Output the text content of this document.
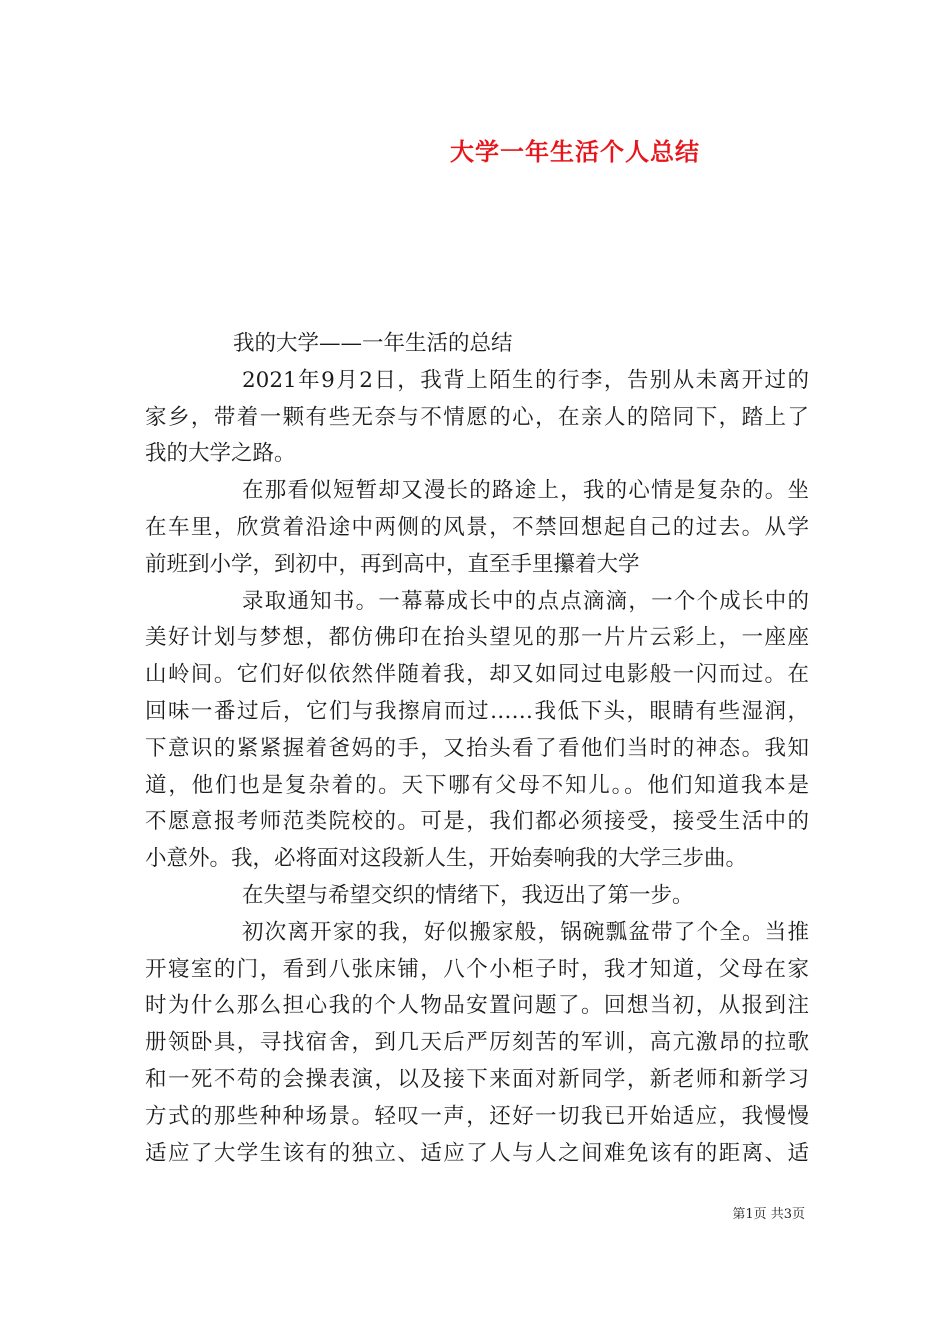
大学一年生活个人总结
我的大学——一年生活的总结
2021年9月2日，我背上陌生的行李，告别从未离开过的
家乡，带着一颗有些无奈与不情愿的心，在亲人的陪同下，踏上了
我的大学之路。
在那看似短暂却又漫长的路途上，我的心情是复杂的。坐
在车里，欣赏着沿途中两侧的风景，不禁回想起自己的过去。从学
前班到小学，到初中，再到高中，直至手里攥着大学
录取通知书。一幕幕成长中的点点滴滴，一个个成长中的
美好计划与梦想，都仿佛印在抬头望见的那一片片云彩上，一座座
山岭间。它们好似依然伴随着我，却又如同过电影般一闪而过。在
回味一番过后，它们与我擦肩而过……我低下头，眼睛有些湿润，
下意识的紧紧握着爸妈的手，又抬头看了看他们当时的神态。我知
道，他们也是复杂着的。天下哪有父母不知儿。。他们知道我本是
不愿意报考师范类院校的。可是，我们都必须接受，接受生活中的
小意外。我，必将面对这段新人生，开始奏响我的大学三步曲。
在失望与希望交织的情绪下，我迈出了第一步。
初次离开家的我，好似搬家般，锅碗瓢盆带了个全。当推
开寝室的门，看到八张床铺，八个小柜子时，我才知道，父母在家
时为什么那么担心我的个人物品安置问题了。回想当初，从报到注
册领卧具，寻找宿舍，到几天后严厉刻苦的军训，高亢激昂的拉歌
和一死不苟的会操表演，以及接下来面对新同学，新老师和新学习
方式的那些种种场景。轻叹一声，还好一切我已开始适应，我慢慢
适应了大学生该有的独立、适应了人与人之间难免该有的距离、适
第1页 共3页
